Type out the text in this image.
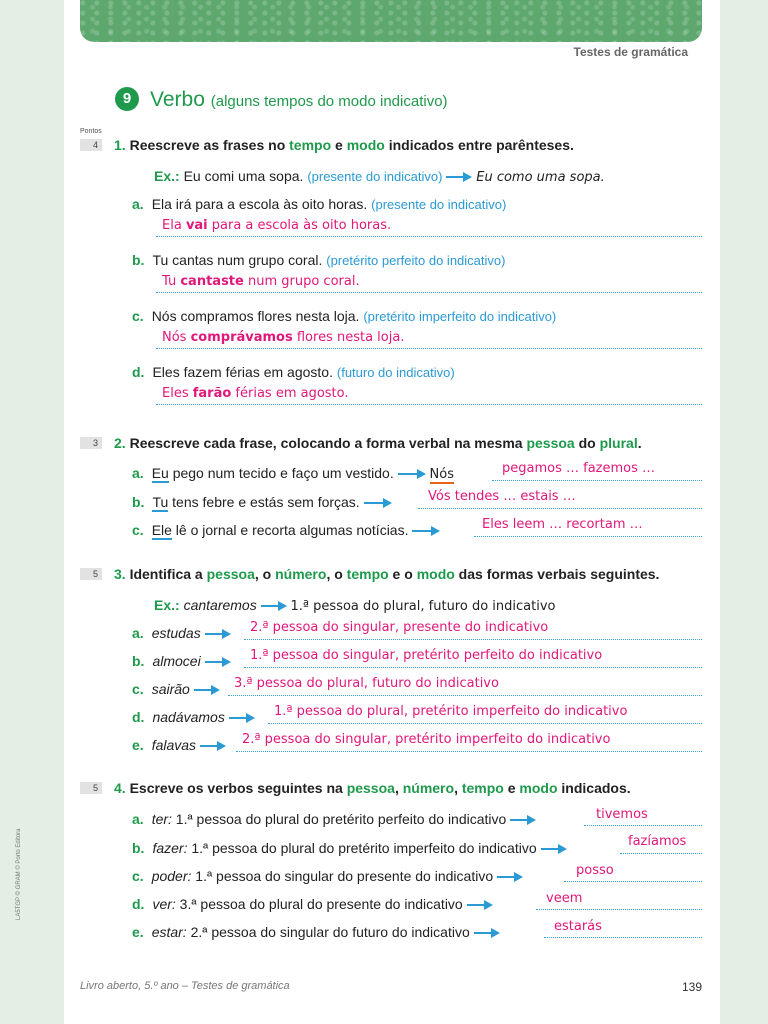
Testes de gramática
9 Verbo (alguns tempos do modo indicativo)
Pontos
4 1. Reescreve as frases no tempo e modo indicados entre parênteses.
Ex.: Eu comi uma sopa. (presente do indicativo)	Eu como uma sopa.
a. Ela irá para a escola às oito horas. (presente do indicativo)
Ela vai para a escola às oito horas.
b. Tu cantas num grupo coral. (pretérito perfeito do indicativo)
Tu cantaste num grupo coral.
c. Nós compramos flores nesta loja. (pretérito imperfeito do indicativo)
Nós comprávamos flores nesta loja.
d. Eles fazem férias em agosto. (futuro do indicativo)
Eles farão férias em agosto.
3 2. Reescreve cada frase, colocando a forma verbal na mesma pessoa do plural.
a. Eu pego num tecido e faço um vestido.	Nós	pegamos … fazemos …
b. Tu tens febre e estás sem forças.	Vós tendes … estais …
c. Ele lê o jornal e recorta algumas notícias.	Eles leem … recortam …
5 3. Identifica a pessoa, o número, o tempo e o modo das formas verbais seguintes.
Ex.: cantaremos	1.ª pessoa do plural, futuro do indicativo
a. estudas	2.ª pessoa do singular, presente do indicativo
b. almocei	1.ª pessoa do singular, pretérito perfeito do indicativo
c. sairão	3.ª pessoa do plural, futuro do indicativo
d. nadávamos	1.ª pessoa do plural, pretérito imperfeito do indicativo
e. falavas	2.ª pessoa do singular, pretérito imperfeito do indicativo
5 4. Escreve os verbos seguintes na pessoa, número, tempo e modo indicados.
a. ter: 1.ª pessoa do plural do pretérito perfeito do indicativo	tivemos
b. fazer: 1.ª pessoa do plural do pretérito imperfeito do indicativo	fazíamos
c. poder: 1.ª pessoa do singular do presente do indicativo	posso
d. ver: 3.ª pessoa do plural do presente do indicativo	veem
e. estar: 2.ª pessoa do singular do futuro do indicativo	estarás
Livro aberto, 5.º ano – Testes de gramática	139
LA5TGP © GRAM © Porto Editora
